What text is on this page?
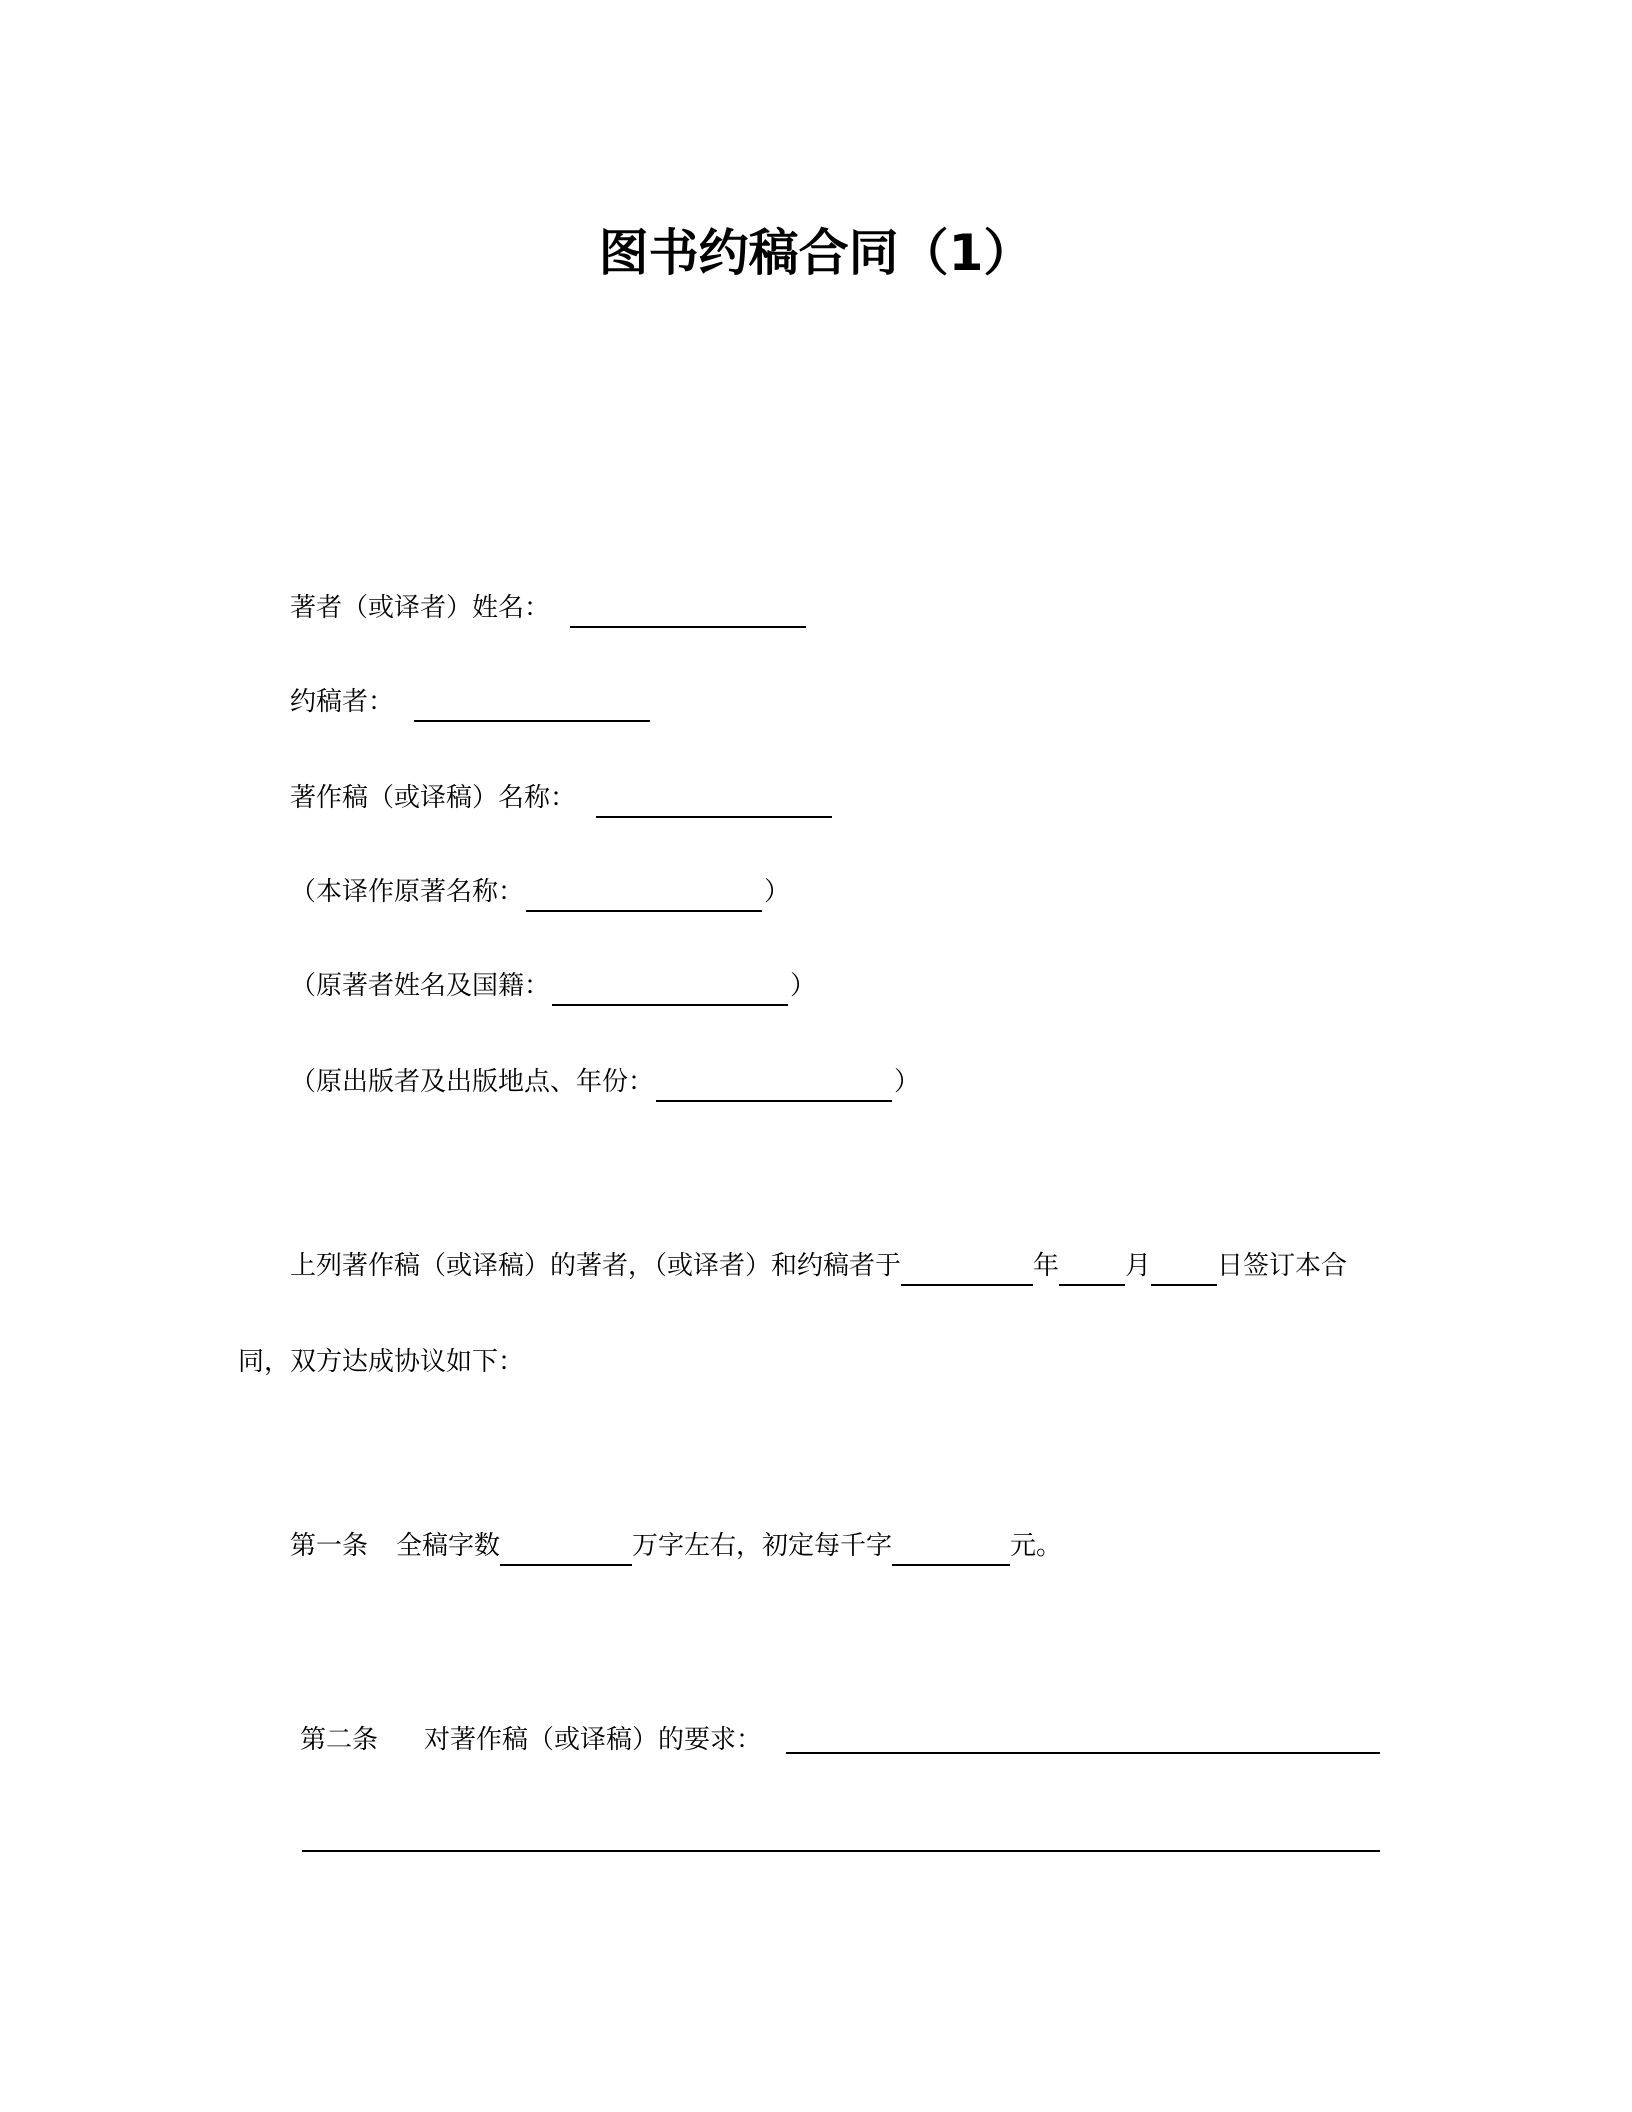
图书约稿合同（1）
著者（或译者）姓名：
约稿者：
著作稿（或译稿）名称：
（本译作原著名称：	）
（原著者姓名及国籍：	）
（原出版者及出版地点、年份：	）
上列著作稿（或译稿）的著者，（或译者）和约稿者于	年	月	日签订本合
同，双方达成协议如下：
第一条 全稿字数	万字左右，初定每千字	元。
第二条 对著作稿（或译稿）的要求：
